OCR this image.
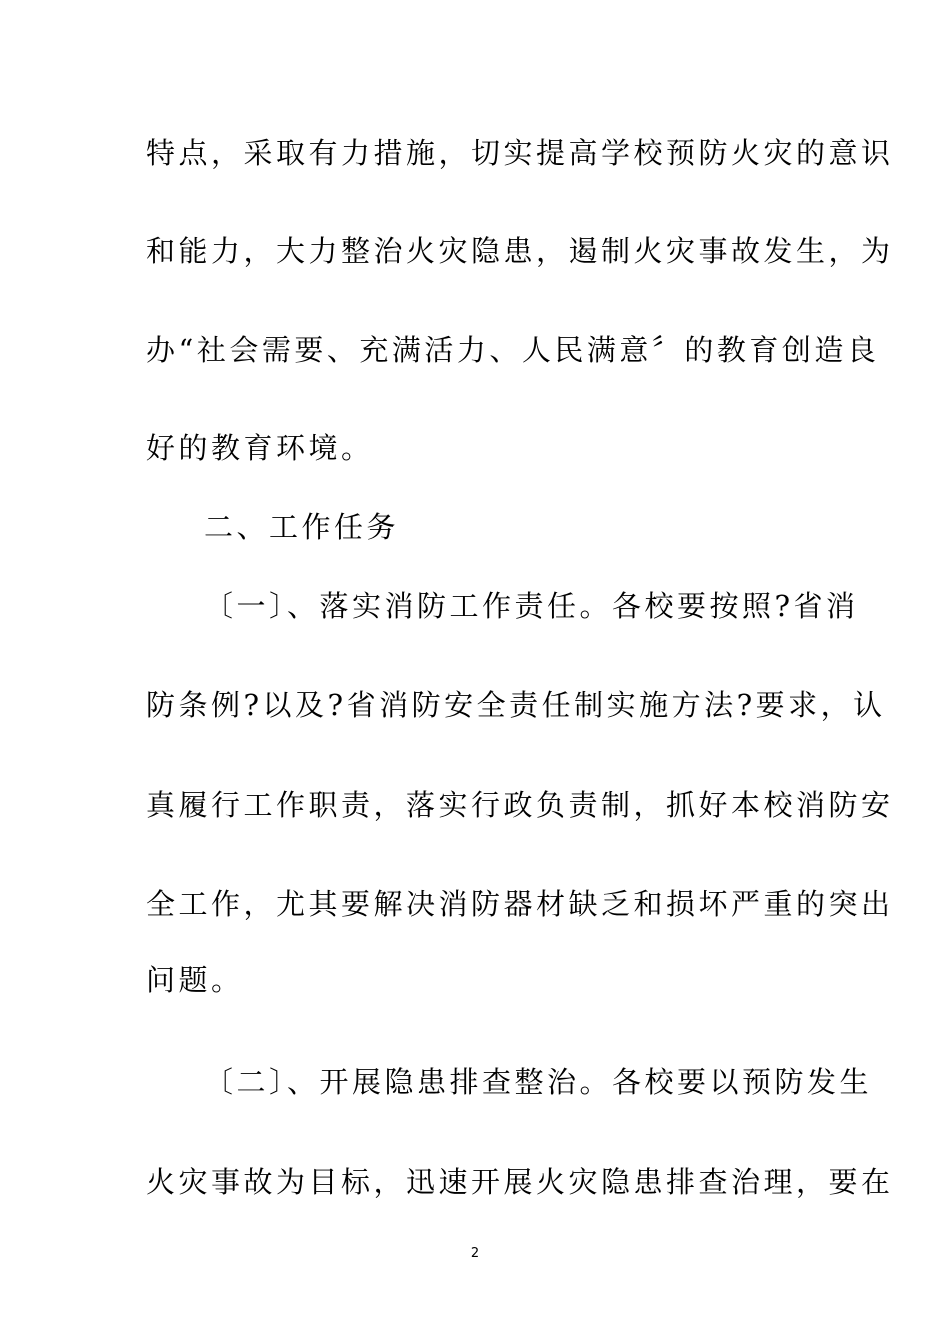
特点，采取有力措施，切实提高学校预防火灾的意识
和能力，大力整治火灾隐患，遏制火灾事故发生，为
办“社会需要、充满活力、人民满意〞的教育创造良
好的教育环境。
二、工作任务
〔一〕、落实消防工作责任。各校要按照?省消
防条例?以及?省消防安全责任制实施方法?要求，认
真履行工作职责，落实行政负责制，抓好本校消防安
全工作，尤其要解决消防器材缺乏和损坏严重的突出
问题。
〔二〕、开展隐患排查整治。各校要以预防发生
火灾事故为目标，迅速开展火灾隐患排查治理，要在
2
